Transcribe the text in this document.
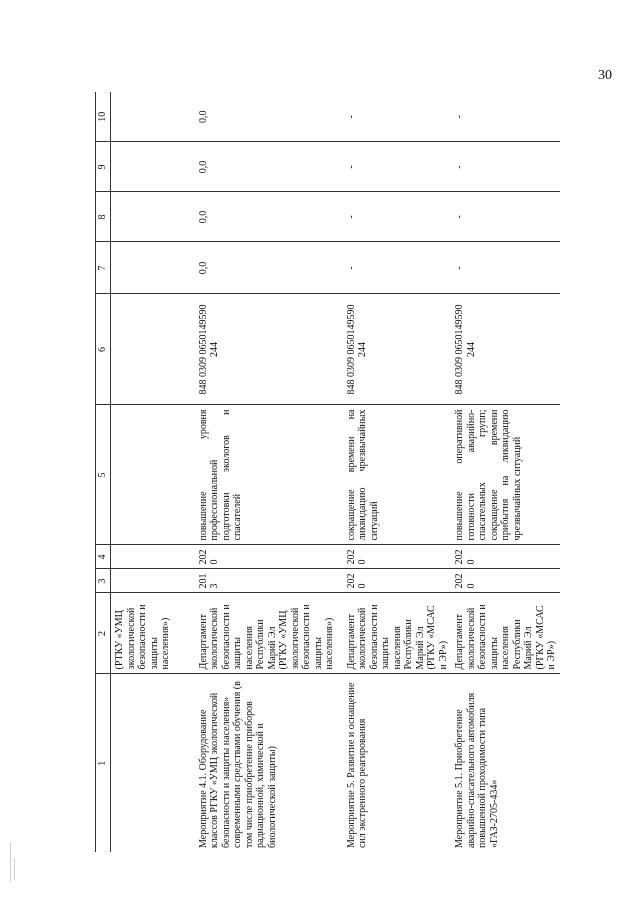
30
1	2	3	4	5	6	7	8	9	10
	(РТКУ «УМЦ экологической безопасности и защиты населения»)								
Мероприятие 4.1. Оборудование классов РГКУ «УМЦ экологической безопасности и защиты населения» современными средствами обучения (в том числе приобретение приборов радиационной, химической и биологической защиты)	Департамент экологической безопасности и защиты населения Республики Марий Эл (РГКУ «УМЦ экологической безопасности и защиты населения»)	2013	2020	повышение уровня профессиональной подготовки экологов и спасателей	848 0309 0650149590 244	0,0	0,0	0,0	0,0
Мероприятие 5. Развитие и оснащение сил экстренного реагирования	Департамент экологической безопасности и защиты населения Республики Марий Эл (РГКУ «МСАС и ЭР»)	2020	2020	сокращение времени на ликвидацию чрезвычайных ситуаций	848 0309 0650149590 244	-	-	-	-
Мероприятие 5.1. Приобретение аварийно-спасательного автомобиля повышенной проходимости типа «ГАЗ-2705-434»	Департамент экологической безопасности и защиты населения Республики Марий Эл (РГКУ «МСАС и ЭР»)	2020	2020	повышение оперативной готовности аварийно-спасательных групп; сокращение времени прибытия на ликвидацию чрезвычайных ситуаций	848 0309 0650149590 244	-	-	-	-
